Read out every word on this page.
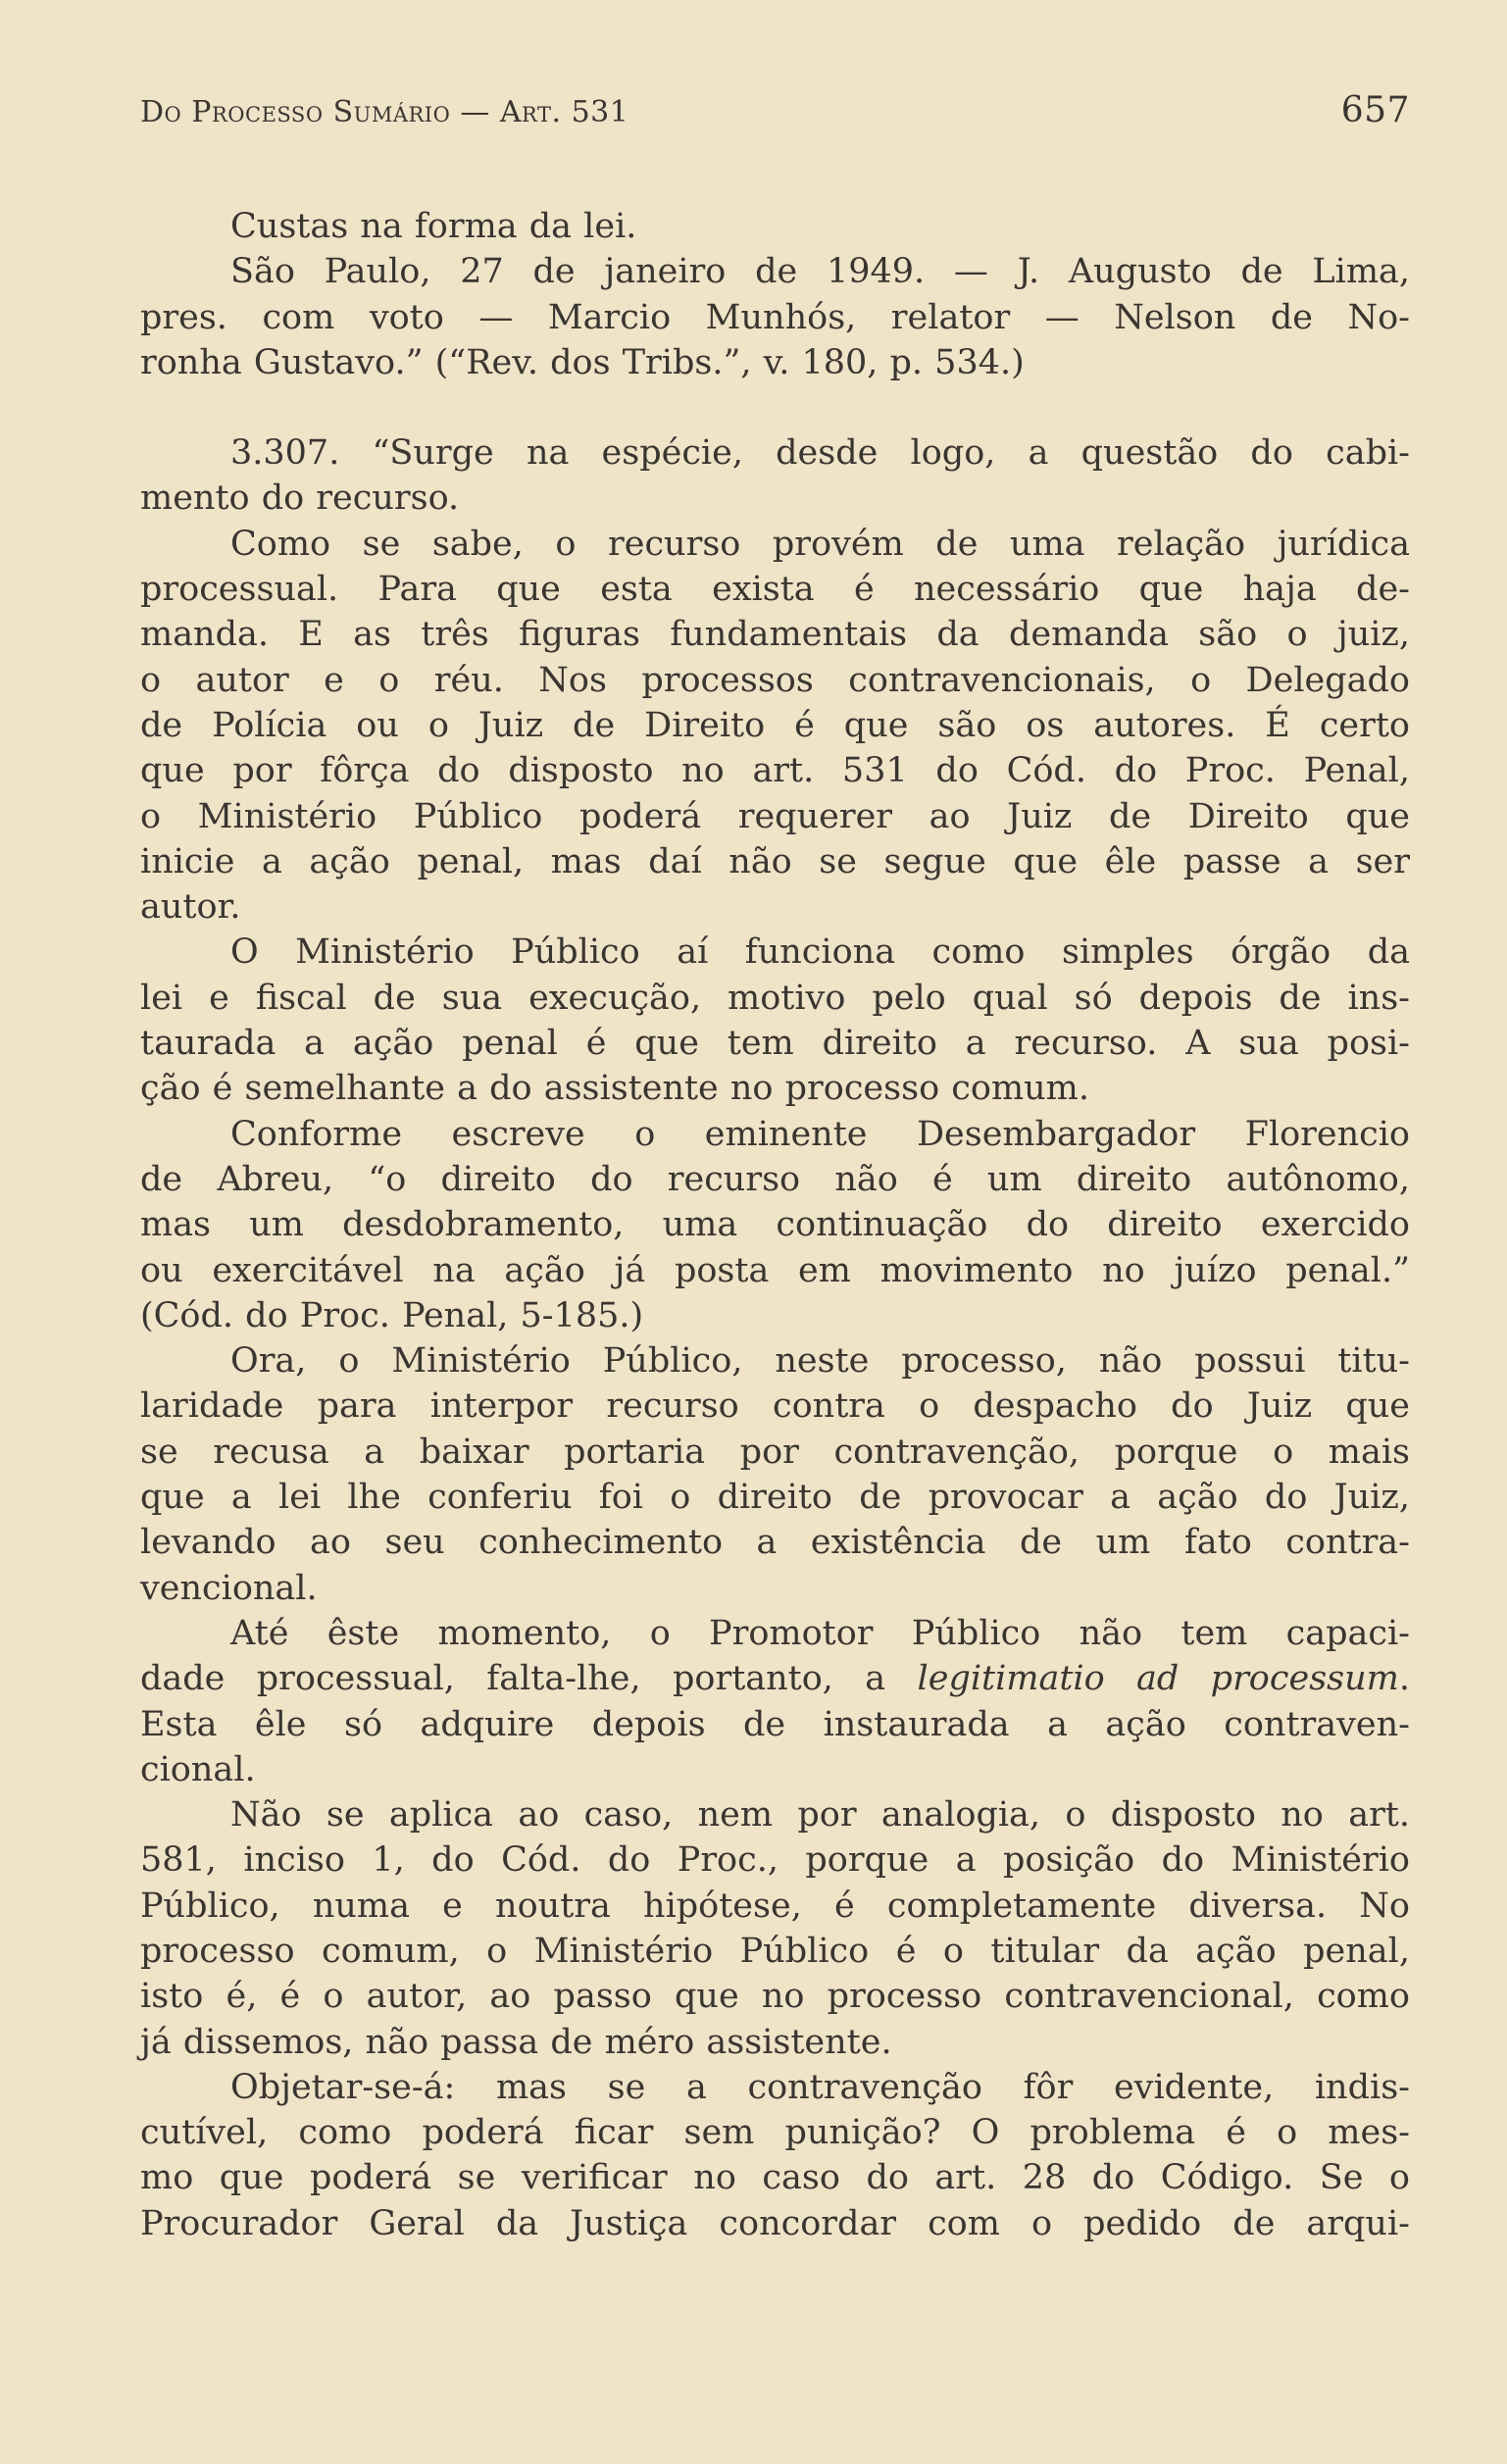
Do Processo Sumário — Art. 531	657

Custas na forma da lei.

São Paulo, 27 de janeiro de 1949. — J. Augusto de Lima,
pres. com voto — Marcio Munhós, relator — Nelson de No-
ronha Gustavo.” (“Rev. dos Tribs.”, v. 180, p. 534.)

3.307. “Surge na espécie, desde logo, a questão do cabi-
mento do recurso.

Como se sabe, o recurso provém de uma relação jurídica
processual. Para que esta exista é necessário que haja de-
manda. E as três figuras fundamentais da demanda são o juiz,
o autor e o réu. Nos processos contravencionais, o Delegado
de Polícia ou o Juiz de Direito é que são os autores. É certo
que por fôrça do disposto no art. 531 do Cód. do Proc. Penal,
o Ministério Público poderá requerer ao Juiz de Direito que
inicie a ação penal, mas daí não se segue que êle passe a ser
autor.

O Ministério Público aí funciona como simples órgão da
lei e fiscal de sua execução, motivo pelo qual só depois de ins-
taurada a ação penal é que tem direito a recurso. A sua posi-
ção é semelhante a do assistente no processo comum.

Conforme escreve o eminente Desembargador Florencio
de Abreu, “o direito do recurso não é um direito autônomo,
mas um desdobramento, uma continuação do direito exercido
ou exercitável na ação já posta em movimento no juízo penal.”
(Cód. do Proc. Penal, 5-185.)

Ora, o Ministério Público, neste processo, não possui titu-
laridade para interpor recurso contra o despacho do Juiz que
se recusa a baixar portaria por contravenção, porque o mais
que a lei lhe conferiu foi o direito de provocar a ação do Juiz,
levando ao seu conhecimento a existência de um fato contra-
vencional.

Até êste momento, o Promotor Público não tem capaci-
dade processual, falta-lhe, portanto, a legitimatio ad processum.
Esta êle só adquire depois de instaurada a ação contraven-
cional.

Não se aplica ao caso, nem por analogia, o disposto no art.
581, inciso 1, do Cód. do Proc., porque a posição do Ministério
Público, numa e noutra hipótese, é completamente diversa. No
processo comum, o Ministério Público é o titular da ação penal,
isto é, é o autor, ao passo que no processo contravencional, como
já dissemos, não passa de méro assistente.

Objetar-se-á: mas se a contravenção fôr evidente, indis-
cutível, como poderá ficar sem punição? O problema é o mes-
mo que poderá se verificar no caso do art. 28 do Código. Se o
Procurador Geral da Justiça concordar com o pedido de arqui-
